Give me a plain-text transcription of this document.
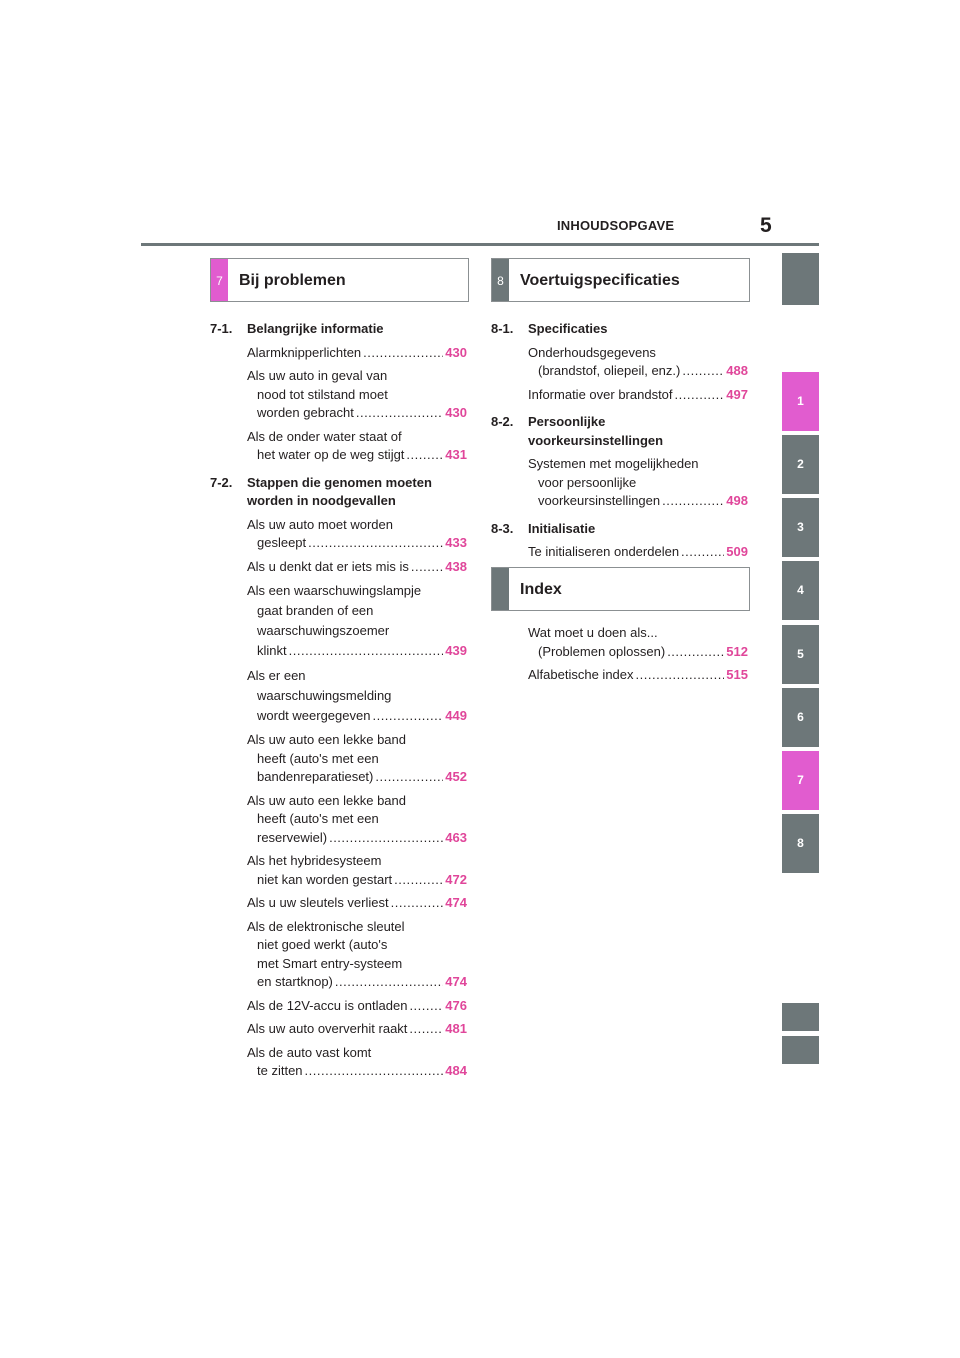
INHOUDSOPGAVE	5
7	Bij problemen	8	Voertuigspecificaties
Index
7-1.	Belangrijke informatie
Alarmknipperlichten .....	430
Als uw auto in geval van
nood tot stilstand moet
worden gebracht .....	430
Als de onder water staat of
het water op de weg stijgt .....	431
7-2.	Stappen die genomen moeten
worden in noodgevallen
Als uw auto moet worden
gesleept .....	433
Als u denkt dat er iets mis is .....	438
Als een waarschuwingslampje
gaat branden of een
waarschuwingszoemer
klinkt .....	439
Als er een
waarschuwingsmelding
wordt weergegeven .....	449
Als uw auto een lekke band
heeft (auto's met een
bandenreparatieset) .....	452
Als uw auto een lekke band
heeft (auto's met een
reservewiel) .....	463
Als het hybridesysteem
niet kan worden gestart .....	472
Als u uw sleutels verliest .....	474
Als de elektronische sleutel
niet goed werkt (auto's
met Smart entry-systeem
en startknop) .....	474
Als de 12V-accu is ontladen .....	476
Als uw auto oververhit raakt .....	481
Als de auto vast komt
te zitten .....	484
8-1.	Specificaties
Onderhoudsgegevens
(brandstof, oliepeil, enz.) .....	488
Informatie over brandstof .....	497
8-2.	Persoonlijke
voorkeursinstellingen
Systemen met mogelijkheden
voor persoonlijke
voorkeursinstellingen .....	498
8-3.	Initialisatie
Te initialiseren onderdelen .....	509
Wat moet u doen als...
(Problemen oplossen) .....	512
Alfabetische index .....	515
1
2
3
4
5
6
7
8
